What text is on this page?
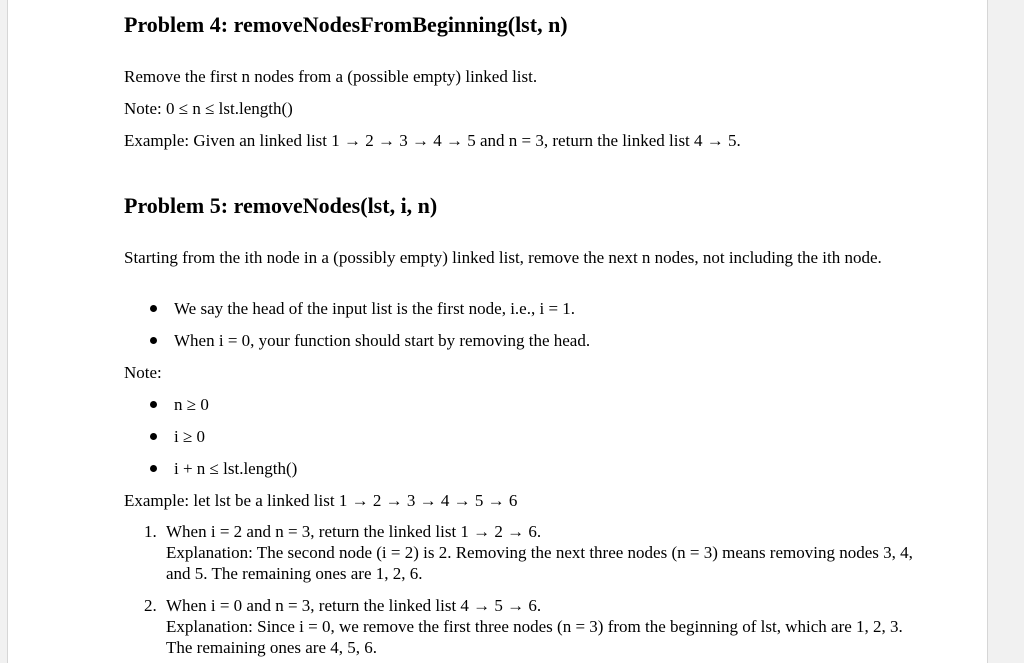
Problem 4: removeNodesFromBeginning(lst, n)

Remove the first n nodes from a (possible empty) linked list.

Note: 0 ≤ n ≤ lst.length()

Example: Given an linked list 1 → 2 → 3 → 4 → 5 and n = 3, return the linked list 4 → 5.

Problem 5: removeNodes(lst, i, n)

Starting from the ith node in a (possibly empty) linked list, remove the next n nodes, not including the ith node.

We say the head of the input list is the first node, i.e., i = 1.
When i = 0, your function should start by removing the head.

Note:

n ≥ 0
i ≥ 0
i + n ≤ lst.length()

Example: let lst be a linked list 1 → 2 → 3 → 4 → 5 → 6

1. When i = 2 and n = 3, return the linked list 1 → 2 → 6.
Explanation: The second node (i = 2) is 2. Removing the next three nodes (n = 3) means removing nodes 3, 4, and 5. The remaining ones are 1, 2, 6.
2. When i = 0 and n = 3, return the linked list 4 → 5 → 6.
Explanation: Since i = 0, we remove the first three nodes (n = 3) from the beginning of lst, which are 1, 2, 3. The remaining ones are 4, 5, 6.
